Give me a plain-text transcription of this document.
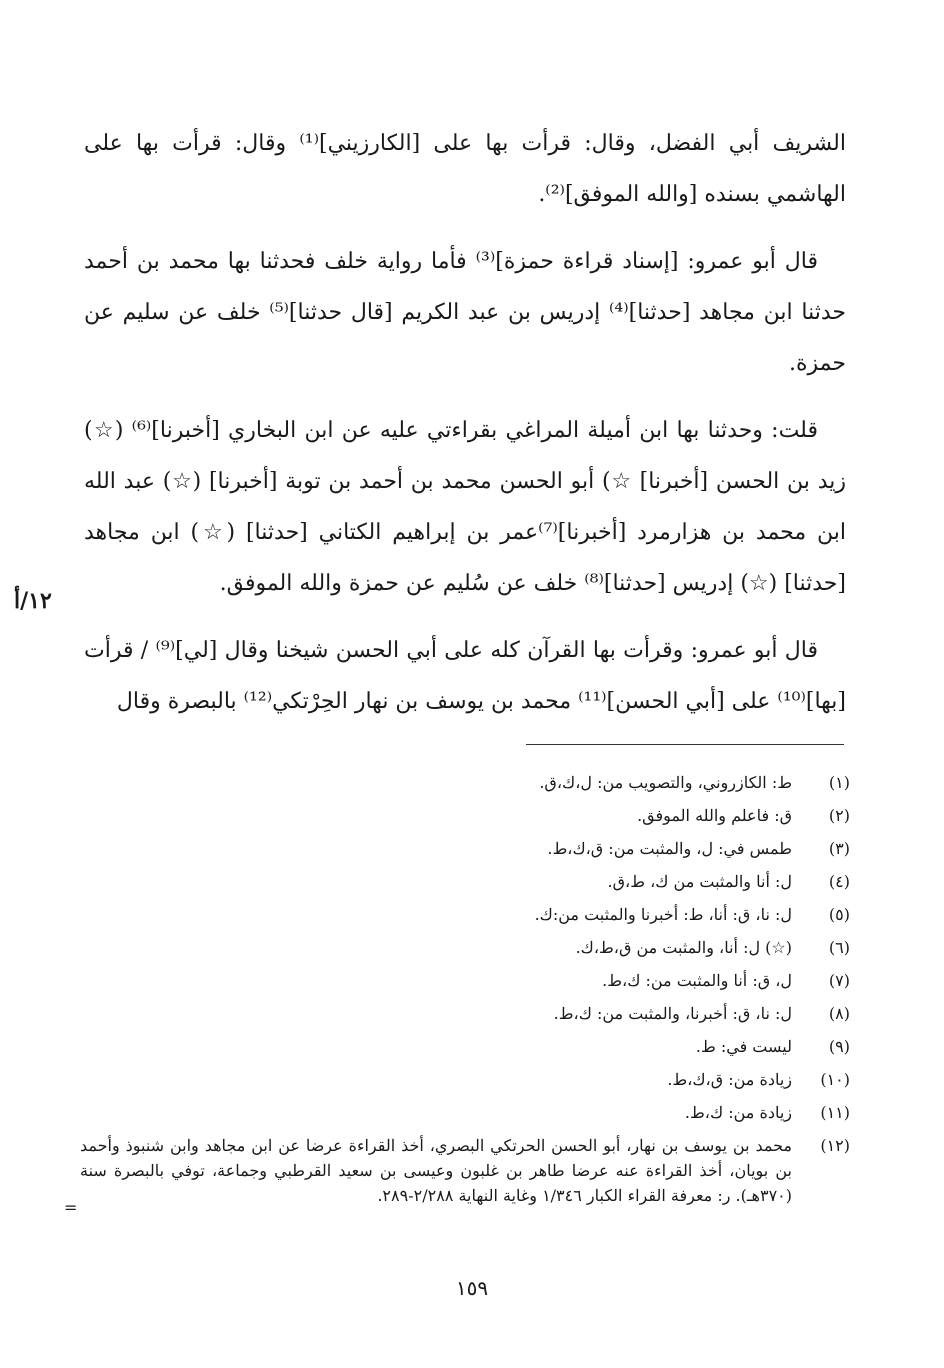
١٢/أ

الشريف أبي الفضل، وقال: قرأت بها على [الكارزيني]⁽¹⁾ وقال: قرأت بها على الهاشمي بسنده [والله الموفق]⁽²⁾.

قال أبو عمرو: [إسناد قراءة حمزة]⁽³⁾ فأما رواية خلف فحدثنا بها محمد بن أحمد حدثنا ابن مجاهد [حدثنا]⁽⁴⁾ إدريس بن عبد الكريم [قال حدثنا]⁽⁵⁾ خلف عن سليم عن حمزة.

قلت: وحدثنا بها ابن أميلة المراغي بقراءتي عليه عن ابن البخاري [أخبرنا]⁽⁶⁾ (☆) زيد بن الحسن [أخبرنا] ☆) أبو الحسن محمد بن أحمد بن توبة [أخبرنا] (☆) عبد الله ابن محمد بن هزارمرد [أخبرنا]⁽⁷⁾عمر بن إبراهيم الكتاني [حدثنا] (☆) ابن مجاهد [حدثنا] (☆) إدريس [حدثنا]⁽⁸⁾ خلف عن سُليم عن حمزة والله الموفق.

قال أبو عمرو: وقرأت بها القرآن كله على أبي الحسن شيخنا وقال [لي]⁽⁹⁾ / قرأت [بها]⁽¹⁰⁾ على [أبي الحسن]⁽¹¹⁾ محمد بن يوسف بن نهار الحِرْتكي⁽¹²⁾ بالبصرة وقال

(١)
ط: الكازروني، والتصويب من: ل،ك،ق.
(٢)
ق: فاعلم والله الموفق.
(٣)
طمس في: ل، والمثبت من: ق،ك،ط.
(٤)
ل: أنا والمثبت من ك، ط،ق.
(٥)
ل: نا، ق: أنا، ط: أخبرنا والمثبت من:ك.
(٦)
(☆) ل: أنا، والمثبت من ق،ط،ك.
(٧)
ل، ق: أنا والمثبت من: ك،ط.
(٨)
ل: نا، ق: أخبرنا، والمثبت من: ك،ط.
(٩)
ليست في: ط.
(١٠)
زيادة من: ق،ك،ط.
(١١)
زيادة من: ك،ط.
(١٢)
محمد بن يوسف بن نهار، أبو الحسن الحرتكي البصري، أخذ القراءة عرضا عن ابن مجاهد وابن شنبوذ وأحمد بن بويان، أخذ القراءة عنه عرضا طاهر بن غلبون وعيسى بن سعيد القرطبي وجماعة، توفي بالبصرة سنة (٣٧٠هـ). ر: معرفة القراء الكبار ١/٣٤٦ وغاية النهاية ٢/٢٨٨-٢٨٩.
=
١٥٩
